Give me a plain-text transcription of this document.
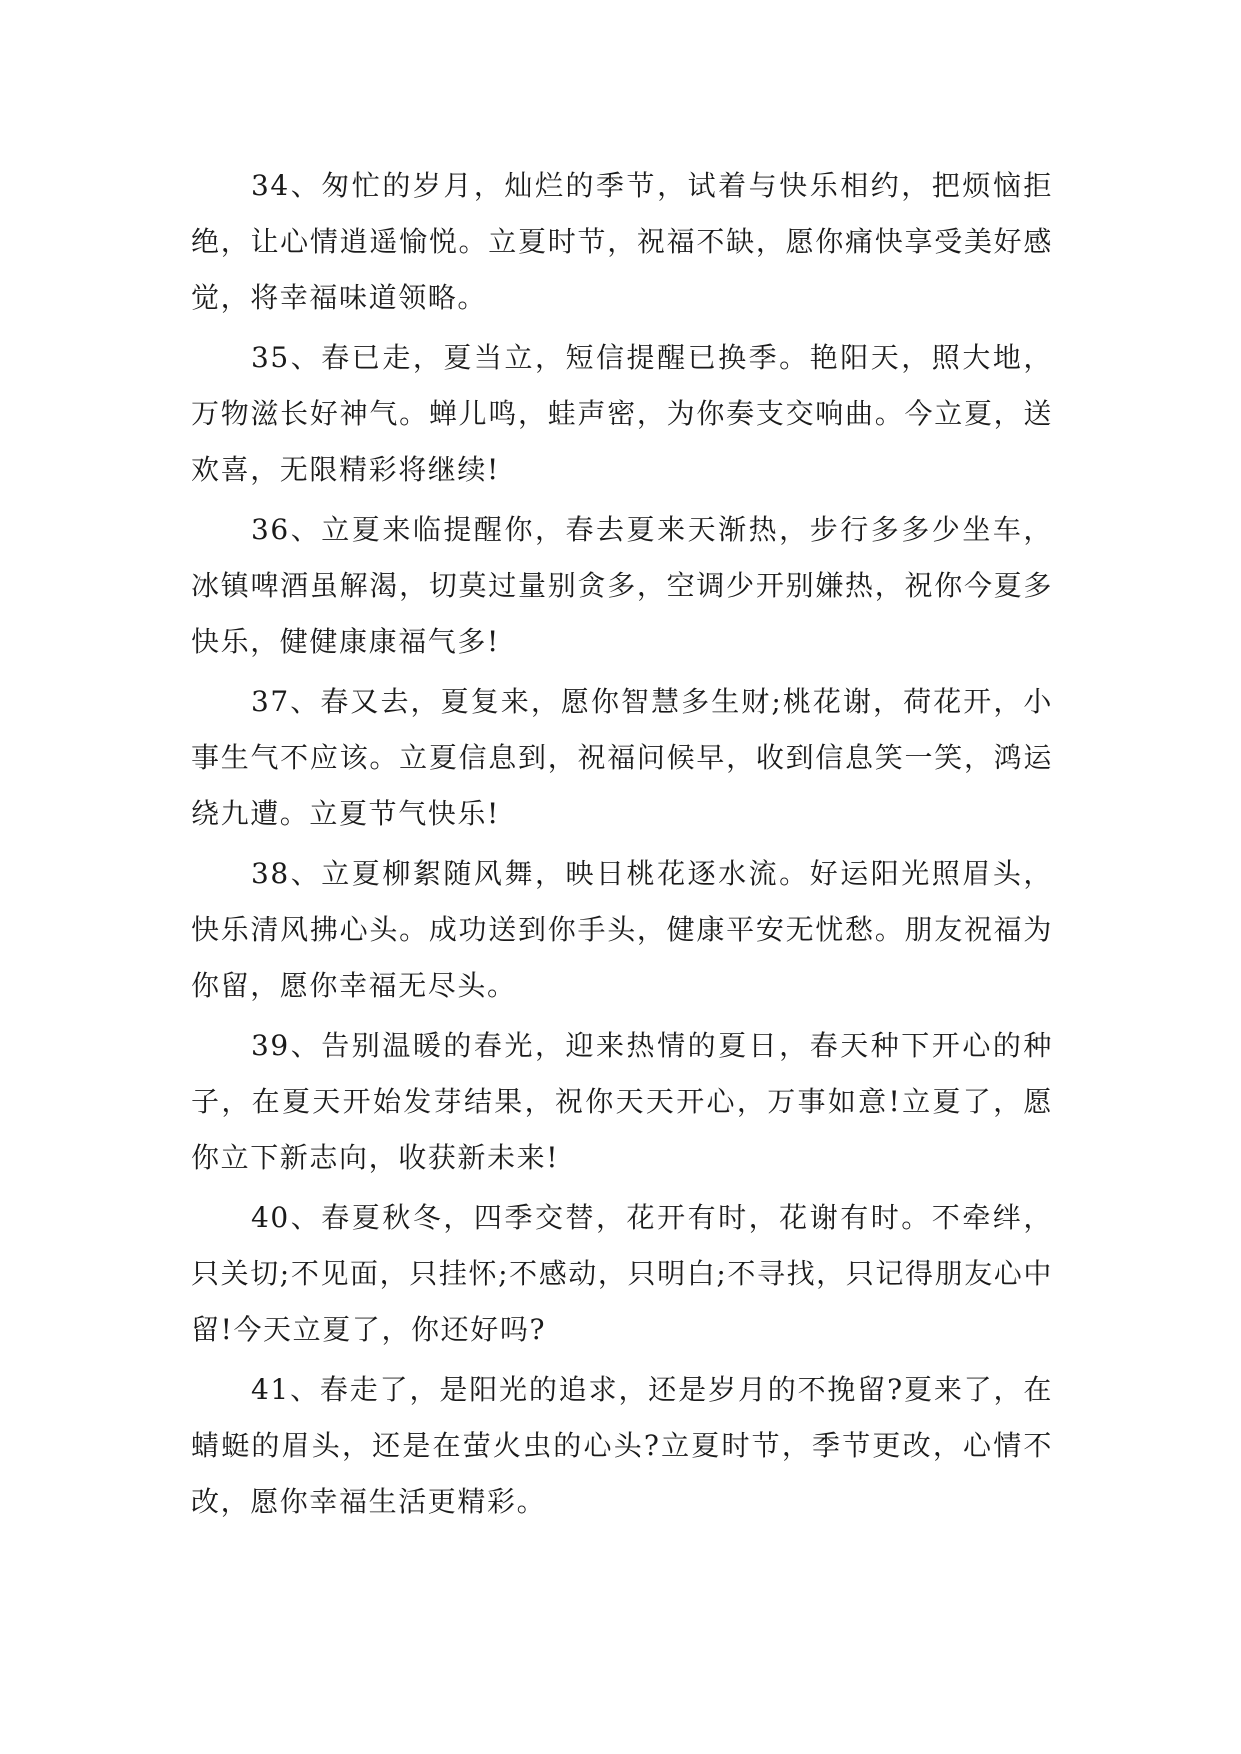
34、匆忙的岁月，灿烂的季节，试着与快乐相约，把烦恼拒绝，让心情逍遥愉悦。立夏时节，祝福不缺，愿你痛快享受美好感觉，将幸福味道领略。

35、春已走，夏当立，短信提醒已换季。艳阳天，照大地，万物滋长好神气。蝉儿鸣，蛙声密，为你奏支交响曲。今立夏，送欢喜，无限精彩将继续!

36、立夏来临提醒你，春去夏来天渐热，步行多多少坐车，冰镇啤酒虽解渴，切莫过量别贪多，空调少开别嫌热，祝你今夏多快乐，健健康康福气多!

37、春又去，夏复来，愿你智慧多生财;桃花谢，荷花开，小事生气不应该。立夏信息到，祝福问候早，收到信息笑一笑，鸿运绕九遭。立夏节气快乐!

38、立夏柳絮随风舞，映日桃花逐水流。好运阳光照眉头，快乐清风拂心头。成功送到你手头，健康平安无忧愁。朋友祝福为你留，愿你幸福无尽头。

39、告别温暖的春光，迎来热情的夏日，春天种下开心的种子，在夏天开始发芽结果，祝你天天开心，万事如意!立夏了，愿你立下新志向，收获新未来!

40、春夏秋冬，四季交替，花开有时，花谢有时。不牵绊，只关切;不见面，只挂怀;不感动，只明白;不寻找，只记得朋友心中留!今天立夏了，你还好吗?

41、春走了，是阳光的追求，还是岁月的不挽留?夏来了，在蜻蜓的眉头，还是在萤火虫的心头?立夏时节，季节更改，心情不改，愿你幸福生活更精彩。
